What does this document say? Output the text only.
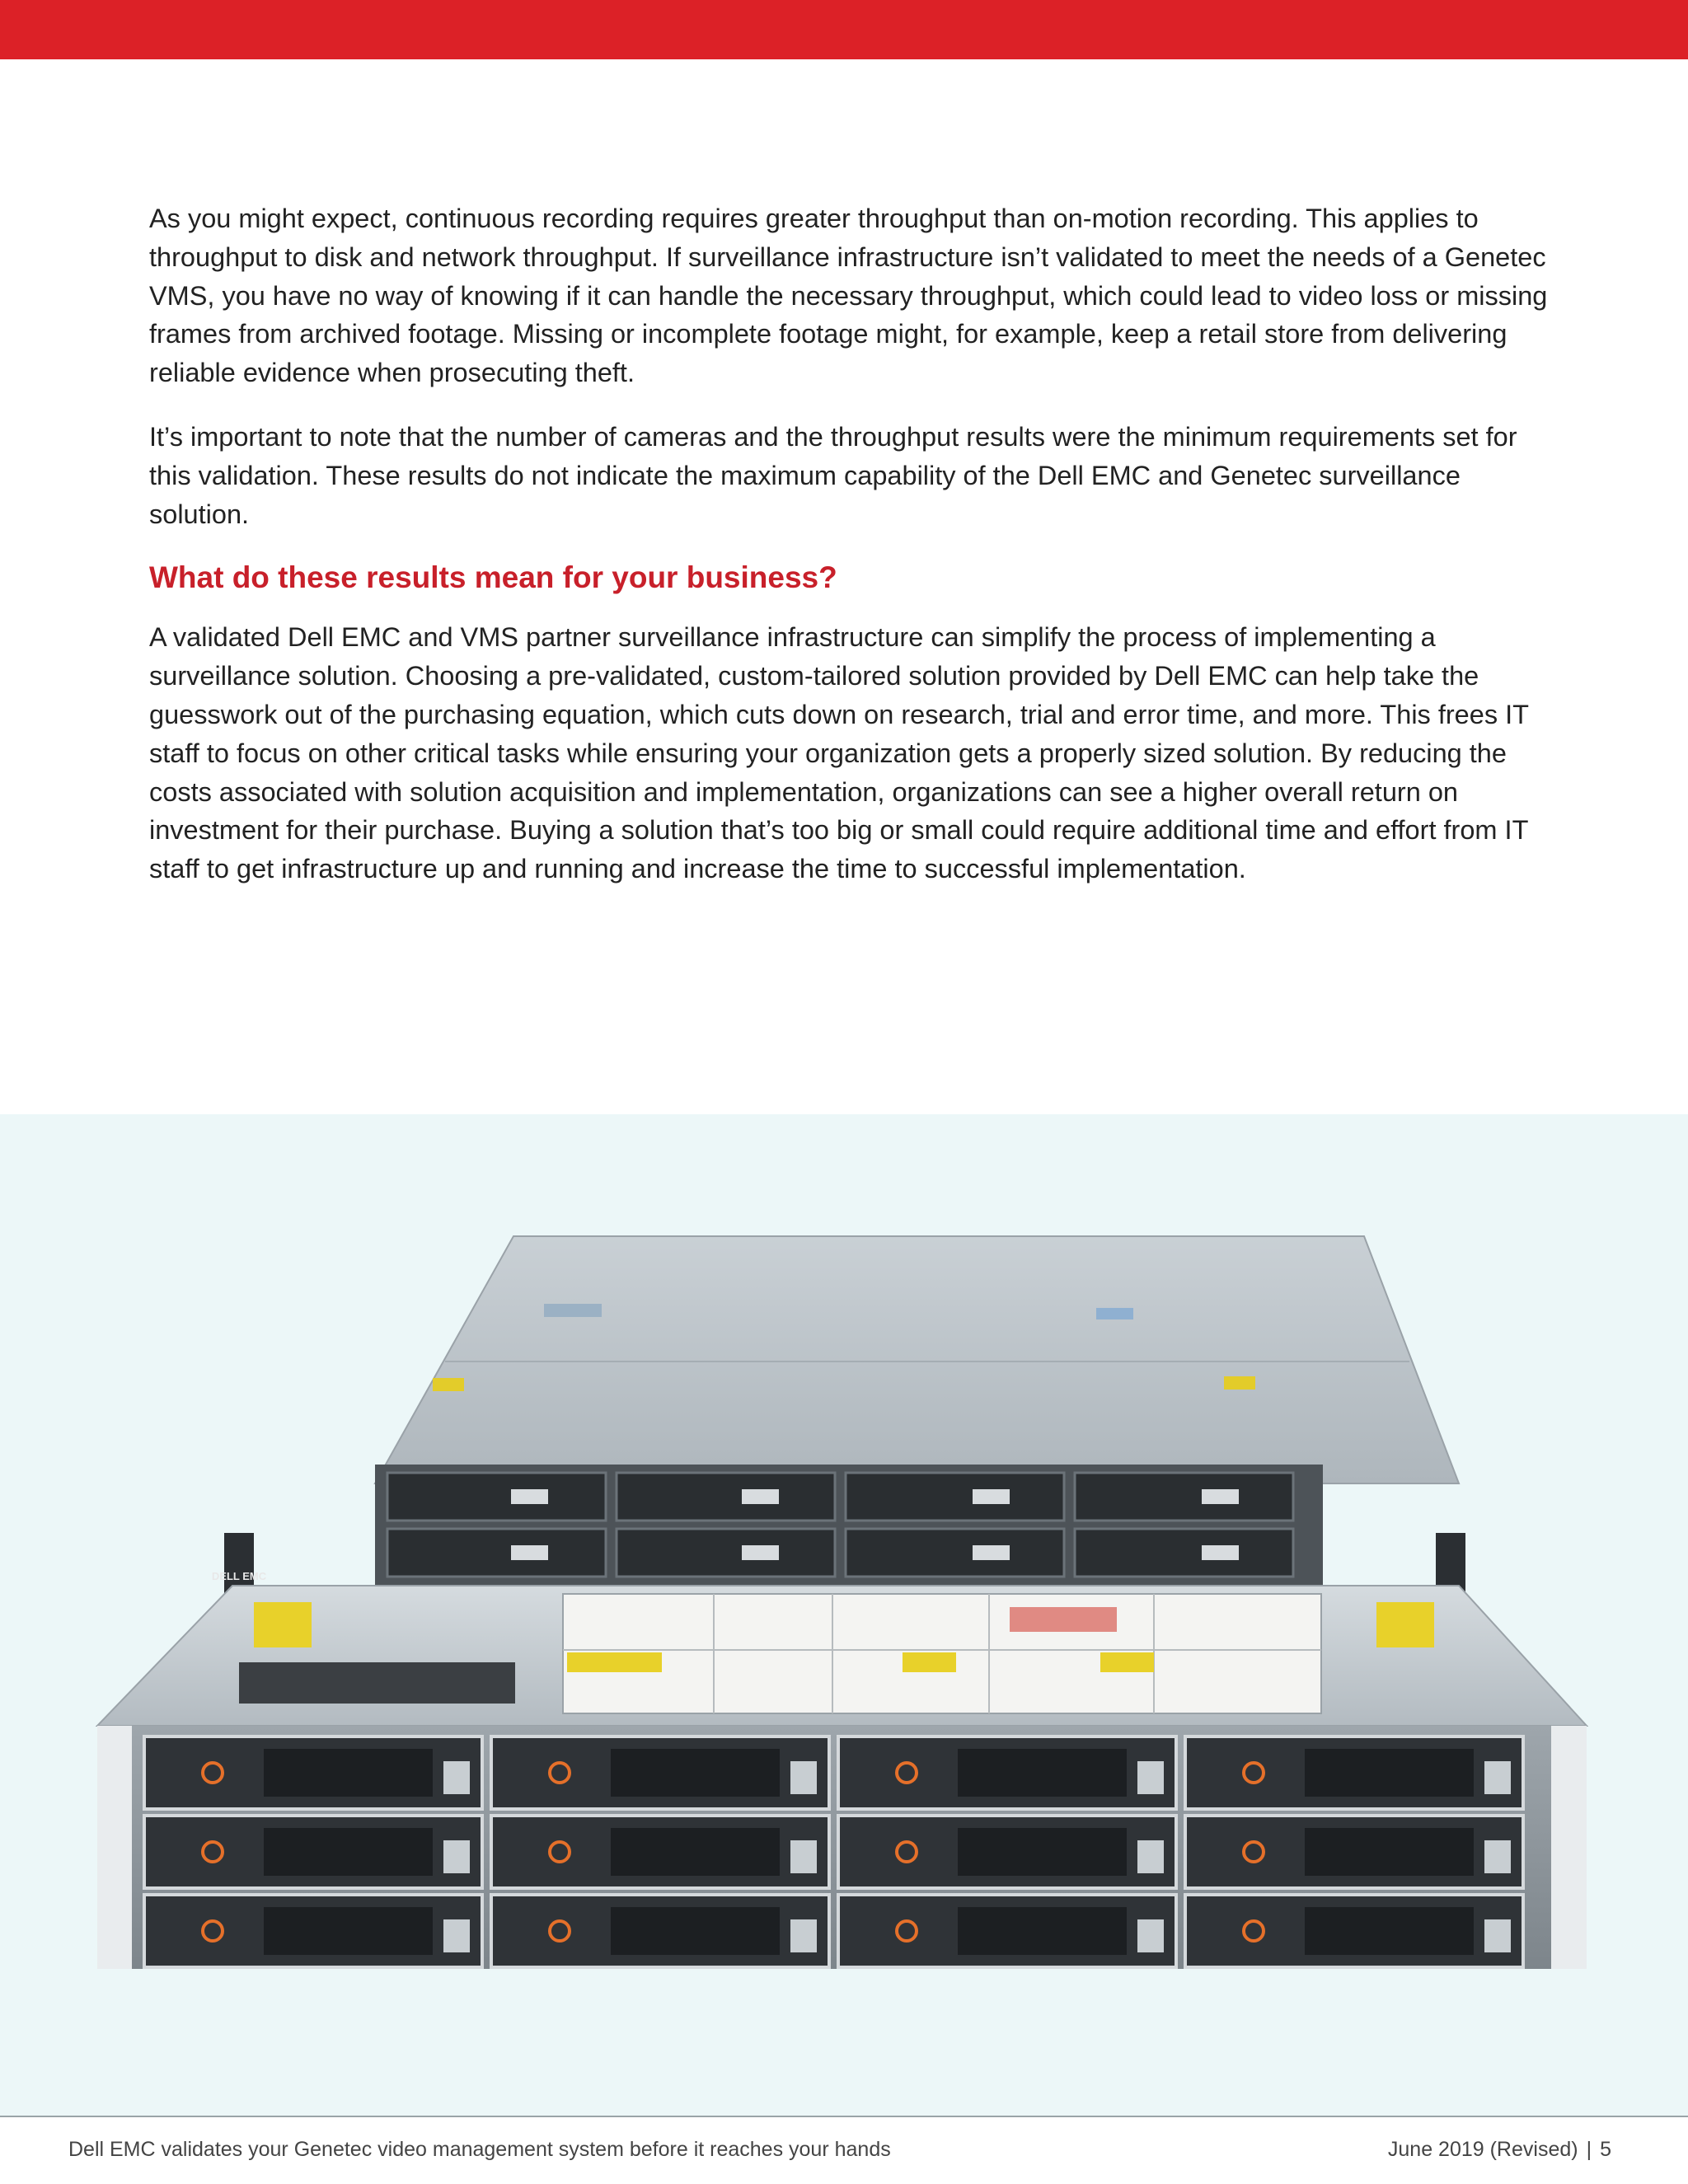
As you might expect, continuous recording requires greater throughput than on-motion recording. This applies to throughput to disk and network throughput. If surveillance infrastructure isn’t validated to meet the needs of a Genetec VMS, you have no way of knowing if it can handle the necessary throughput, which could lead to video loss or missing frames from archived footage. Missing or incomplete footage might, for example, keep a retail store from delivering reliable evidence when prosecuting theft.

It’s important to note that the number of cameras and the throughput results were the minimum requirements set for this validation. These results do not indicate the maximum capability of the Dell EMC and Genetec surveillance solution.

What do these results mean for your business?

A validated Dell EMC and VMS partner surveillance infrastructure can simplify the process of implementing a surveillance solution. Choosing a pre-validated, custom-tailored solution provided by Dell EMC can help take the guesswork out of the purchasing equation, which cuts down on research, trial and error time, and more. This frees IT staff to focus on other critical tasks while ensuring your organization gets a properly sized solution. By reducing the costs associated with solution acquisition and implementation, organizations can see a higher overall return on investment for their purchase. Buying a solution that’s too big or small could require additional time and effort from IT staff to get infrastructure up and running and increase the time to successful implementation.

DELL EMC
Dell EMC validates your Genetec video management system before it reaches your hands	June 2019 (Revised) | 5
